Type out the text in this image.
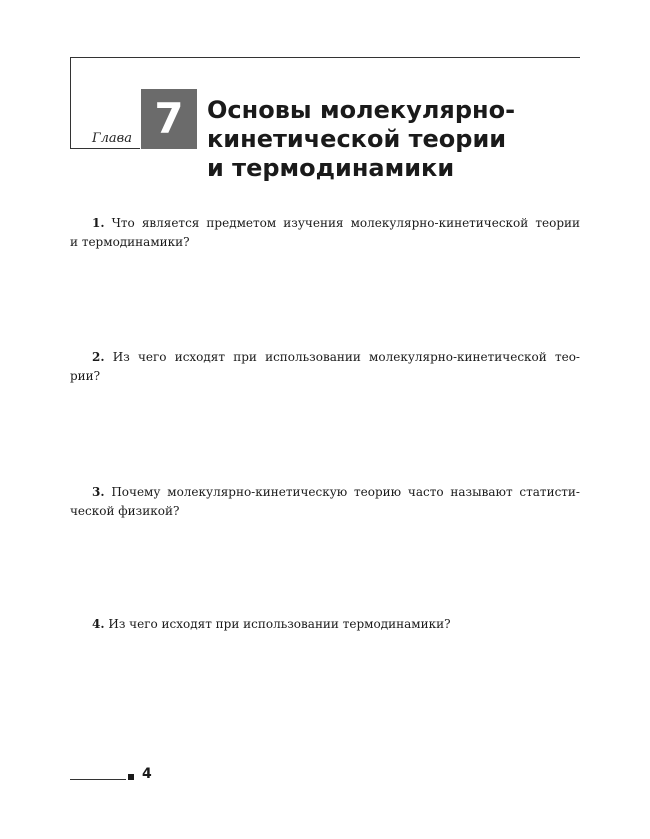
Глава 7 Основы молекулярно-
кинетической теории
и термодинамики

1. Что является предметом изучения молекулярно-кинетической теории
и термодинамики?

2. Из чего исходят при использовании молекулярно-кинетической тео-
рии?

3. Почему молекулярно-кинетическую теорию часто называют статисти-
ческой физикой?

4. Из чего исходят при использовании термодинамики?

4
